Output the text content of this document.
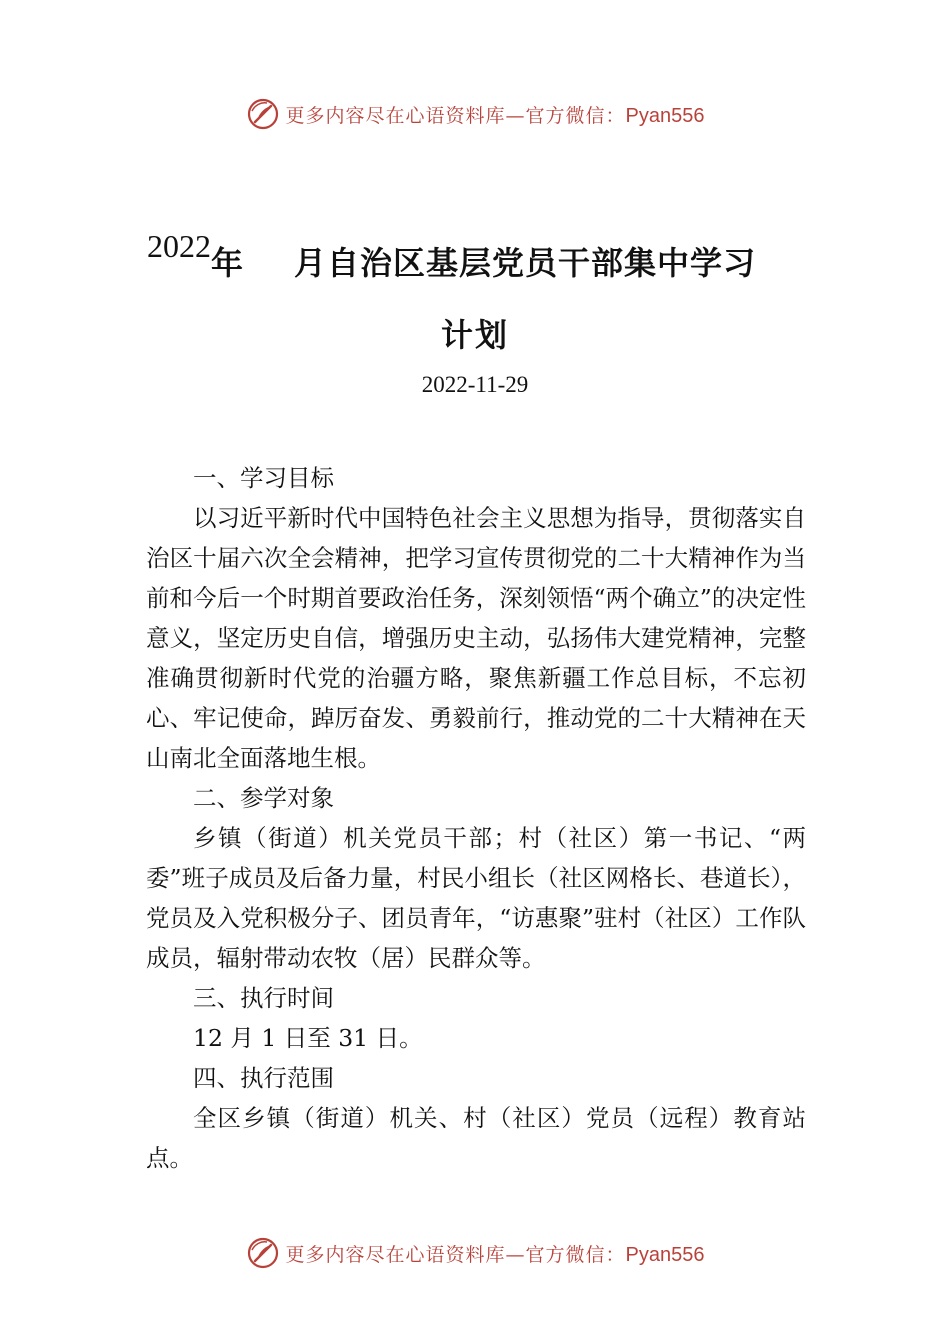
更多内容尽在心语资料库—官方微信：Pyan556
2022年 月自治区基层党员干部集中学习
计划
2022-11-29

一、学习目标

以习近平新时代中国特色社会主义思想为指导，贯彻落实自治区十届六次全会精神，把学习宣传贯彻党的二十大精神作为当前和今后一个时期首要政治任务，深刻领悟“两个确立”的决定性意义，坚定历史自信，增强历史主动，弘扬伟大建党精神，完整准确贯彻新时代党的治疆方略，聚焦新疆工作总目标，不忘初心、牢记使命，踔厉奋发、勇毅前行，推动党的二十大精神在天山南北全面落地生根。

二、参学对象

乡镇（街道）机关党员干部；村（社区）第一书记、“两委”班子成员及后备力量，村民小组长（社区网格长、巷道长），党员及入党积极分子、团员青年，“访惠聚”驻村（社区）工作队成员，辐射带动农牧（居）民群众等。

三、执行时间

12 月 1 日至 31 日。

四、执行范围

全区乡镇（街道）机关、村（社区）党员（远程）教育站点。

更多内容尽在心语资料库—官方微信：Pyan556
